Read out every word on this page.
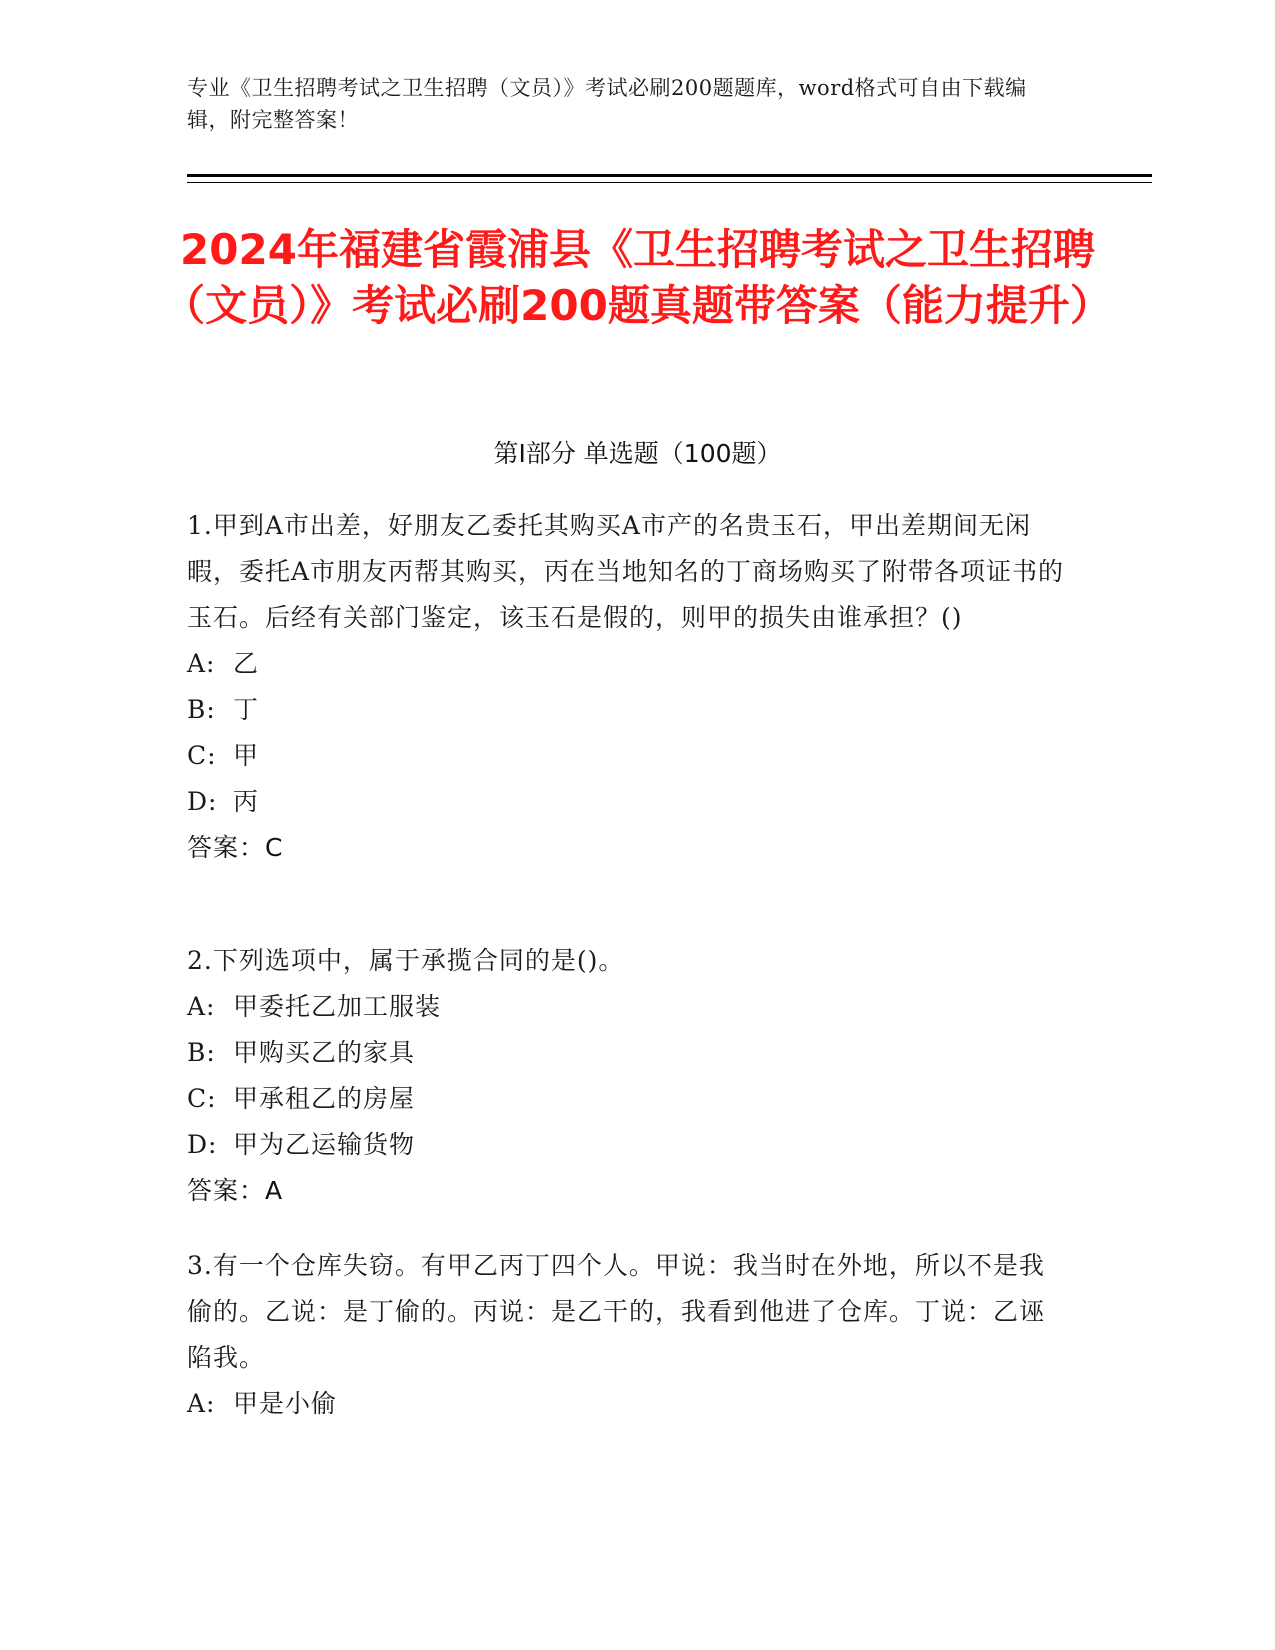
专业《卫生招聘考试之卫生招聘（文员）》考试必刷200题题库，word格式可自由下载编辑，附完整答案！
2024年福建省霞浦县《卫生招聘考试之卫生招聘（文员）》考试必刷200题真题带答案（能力提升）
第Ⅰ部分 单选题（100题）
1.甲到A市出差，好朋友乙委托其购买A市产的名贵玉石，甲出差期间无闲暇，委托A市朋友丙帮其购买，丙在当地知名的丁商场购买了附带各项证书的玉石。后经有关部门鉴定，该玉石是假的，则甲的损失由谁承担？()
A: 乙
B: 丁
C: 甲
D: 丙
答案：C
2.下列选项中，属于承揽合同的是()。
A: 甲委托乙加工服装
B: 甲购买乙的家具
C: 甲承租乙的房屋
D: 甲为乙运输货物
答案：A
3.有一个仓库失窃。有甲乙丙丁四个人。甲说：我当时在外地，所以不是我偷的。乙说：是丁偷的。丙说：是乙干的，我看到他进了仓库。丁说：乙诬陷我。
A: 甲是小偷
